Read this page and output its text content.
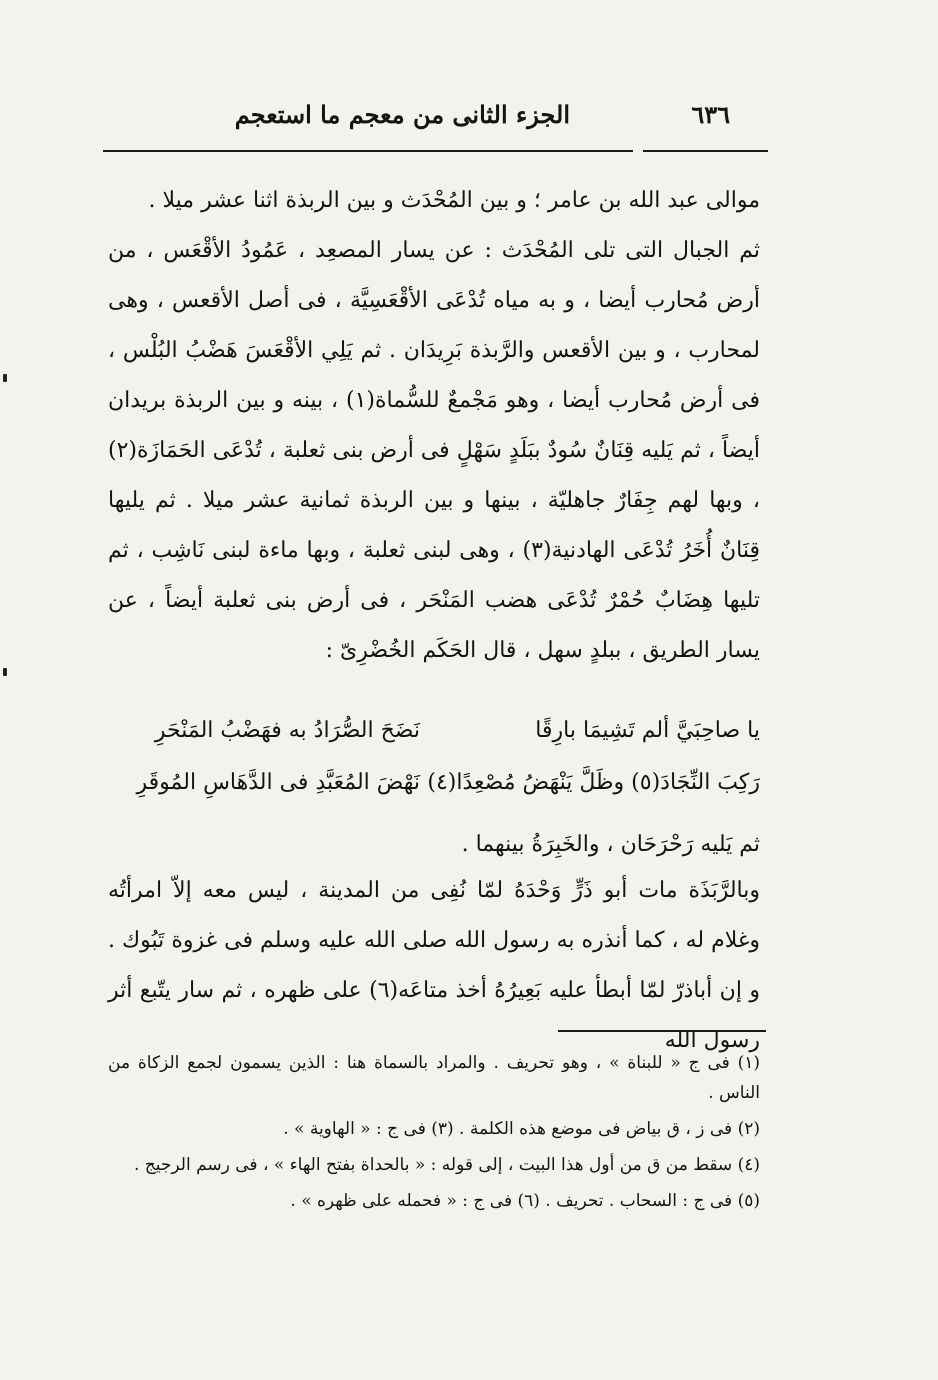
الجزء الثانى من معجم ما استعجم	٦٣٦

موالى عبد الله بن عامر ؛ و بين المُحْدَث و بين الربذة اثنا عشر ميلا .

ثم الجبال التى تلى المُحْدَث : عن يسار المصعِد ، عَمُودُ الأقْعَس ، من أرض مُحارب أيضا ، و به مياه تُدْعَى الأقْعَسِيَّة ، فى أصل الأقعس ، وهى لمحارب ، و بين الأقعس والرَّبذة بَرِيدَان . ثم يَلِي الأقْعَسَ هَضْبُ البُلْس ، فى أرض مُحارب أيضا ، وهو مَجْمعٌ للسُّماة(١) ، بينه و بين الربذة بريدان أيضاً ، ثم يَليه قِنَانٌ سُودٌ ببَلَدٍ سَهْلٍ فى أرض بنى ثعلبة ، تُدْعَى الحَمَازَة(٢) ، وبها لهم جِفَارٌ جاهليّة ، بينها و بين الربذة ثمانية عشر ميلا . ثم يليها قِنَانٌ أُخَرُ تُدْعَى الهادنية(٣) ، وهى لبنى ثعلبة ، وبها ماءة لبنى نَاشِب ، ثم تليها هِضَابٌ حُمْرٌ تُدْعَى هضب المَنْحَر ، فى أرض بنى ثعلبة أيضاً ، عن يسار الطريق ، ببلدٍ سهل ، قال الحَكَم الخُضْرِىّ :

يا صاحِبَيَّ ألم تَشِيمَا بارِقًا
نَضَحَ الصُّرَادُ به فهَضْبُ المَنْحَرِ
رَكِبَ النِّجَادَ(٥) وظَلَّ يَنْهَضُ مُصْعِدًا(٤)
نَهْضَ المُعَبَّدِ فى الدَّهَاسِ المُوقَرِ

ثم يَليه رَحْرَحَان ، والخَبِرَةُ بينهما .

وبالرَّبَذَة مات أبو ذَرٍّ وَحْدَهُ لمّا نُفِى من المدينة ، ليس معه إلاّ امرأتُه وغلام له ، كما أنذره به رسول الله صلى الله عليه وسلم فى غزوة تَبُوك . و إن أباذرّ لمّا أبطأ عليه بَعِيرُهُ أخذ متاعَه(٦) على ظهره ، ثم سار يتّبع أثر رسول الله

(١) فى ج « للبناة » ، وهو تحريف . والمراد بالسماة هنا : الذين يسمون لجمع الزكاة من الناس .

(٢) فى ز ، ق بياض فى موضع هذه الكلمة . (٣) فى ج : « الهاوية » .

(٤) سقط من ق من أول هذا البيت ، إلى قوله : « بالحداة بفتح الهاء » ، فى رسم الرجيج .

(٥) فى ج : السحاب . تحريف . (٦) فى ج : « فحمله على ظهره » .
